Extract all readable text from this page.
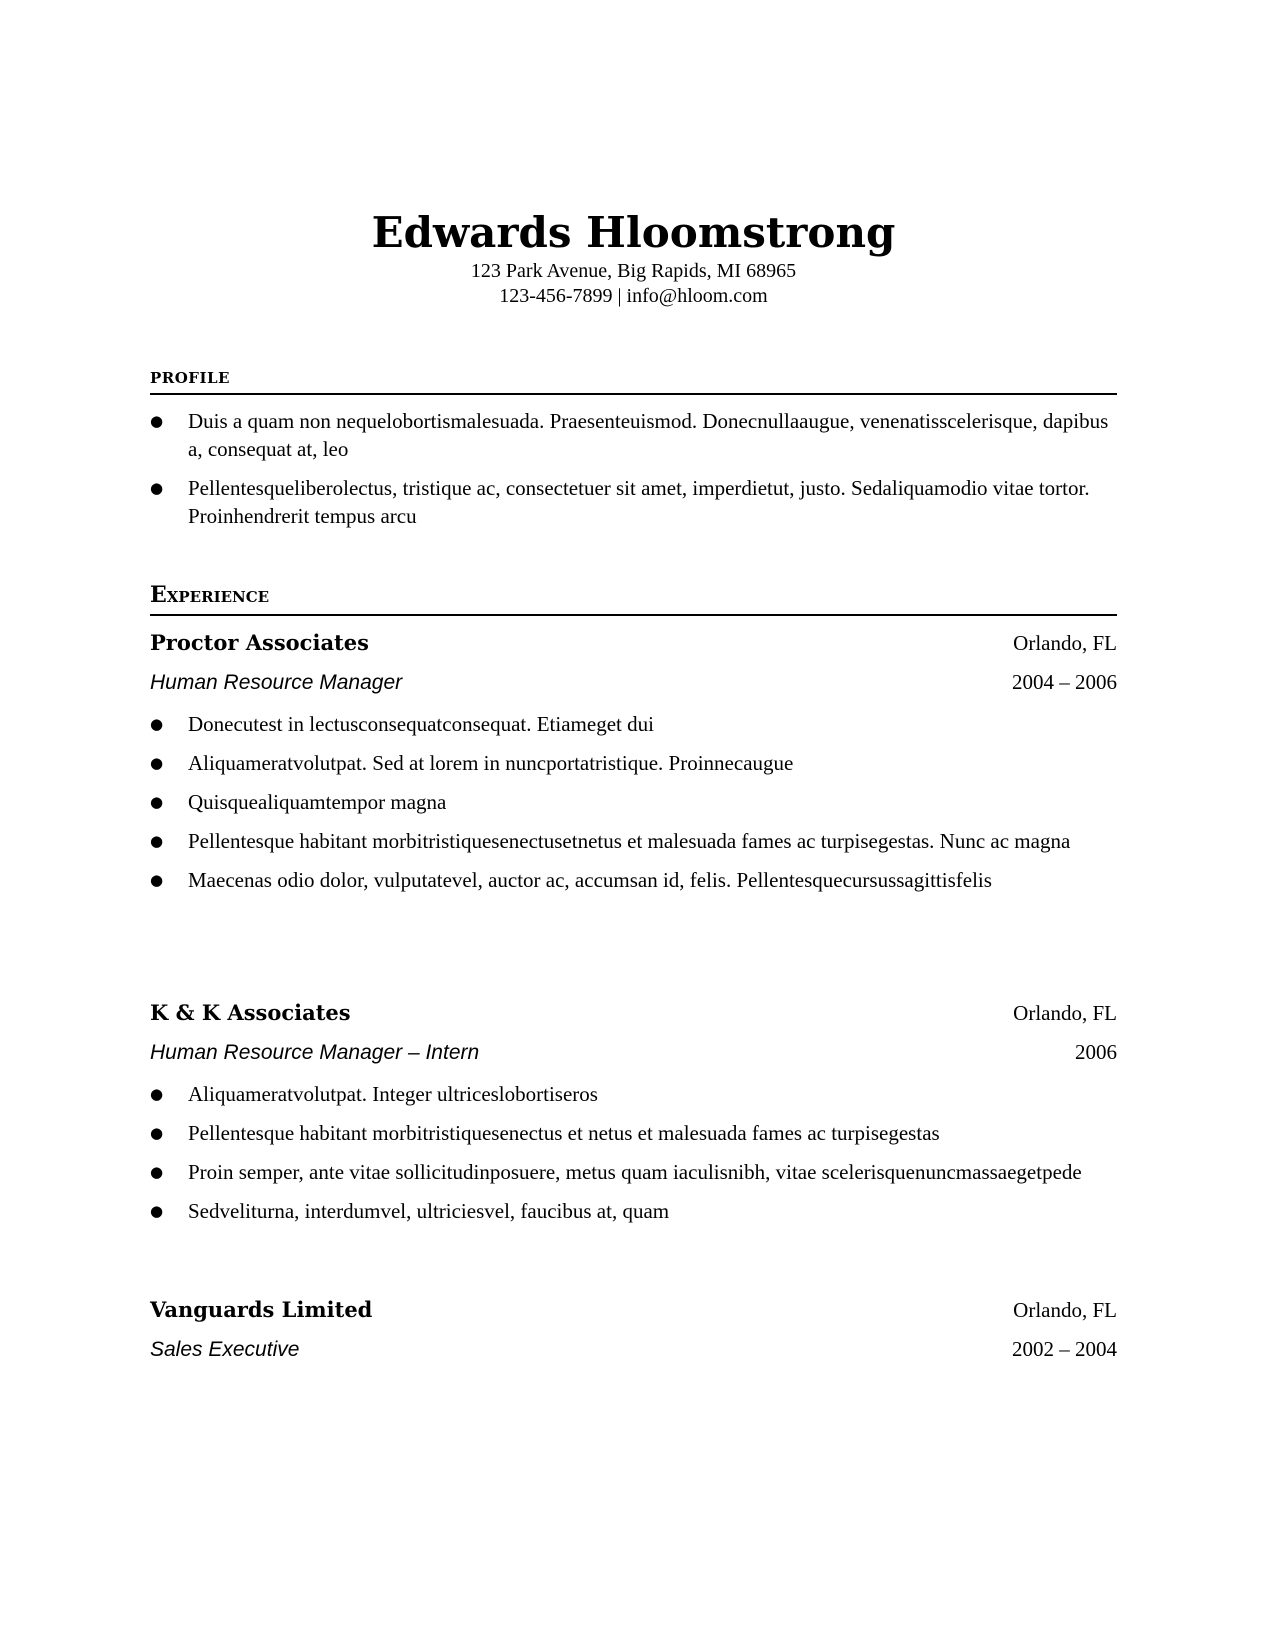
Edwards Hloomstrong
123 Park Avenue, Big Rapids, MI 68965
123-456-7899 | info@hloom.com
PROFILE
● Duis a quam non nequelobortismalesuada. Praesenteuismod. Donecnullaaugue, venenatisscelerisque, dapibus a, consequat at, leo
● Pellentesqueliberolectus, tristique ac, consectetuer sit amet, imperdietut, justo. Sedaliquamodio vitae tortor. Proinhendrerit tempus arcu
Experience
Proctor Associates	Orlando, FL
Human Resource Manager	2004 – 2006
● Donecutest in lectusconsequatconsequat. Etiameget dui
● Aliquameratvolutpat. Sed at lorem in nuncportatristique. Proinnecaugue
● Quisquealiquamtempor magna
● Pellentesque habitant morbitristiquesenectusetnetus et malesuada fames ac turpisegestas. Nunc ac magna
● Maecenas odio dolor, vulputatevel, auctor ac, accumsan id, felis. Pellentesquecursussagittisfelis
K & K Associates	Orlando, FL
Human Resource Manager – Intern	2006
● Aliquameratvolutpat. Integer ultriceslobortiseros
● Pellentesque habitant morbitristiquesenectus et netus et malesuada fames ac turpisegestas
● Proin semper, ante vitae sollicitudinposuere, metus quam iaculisnibh, vitae scelerisquenuncmassaegetpede
● Sedveliturna, interdumvel, ultriciesvel, faucibus at, quam
Vanguards Limited	Orlando, FL
Sales Executive	2002 – 2004
